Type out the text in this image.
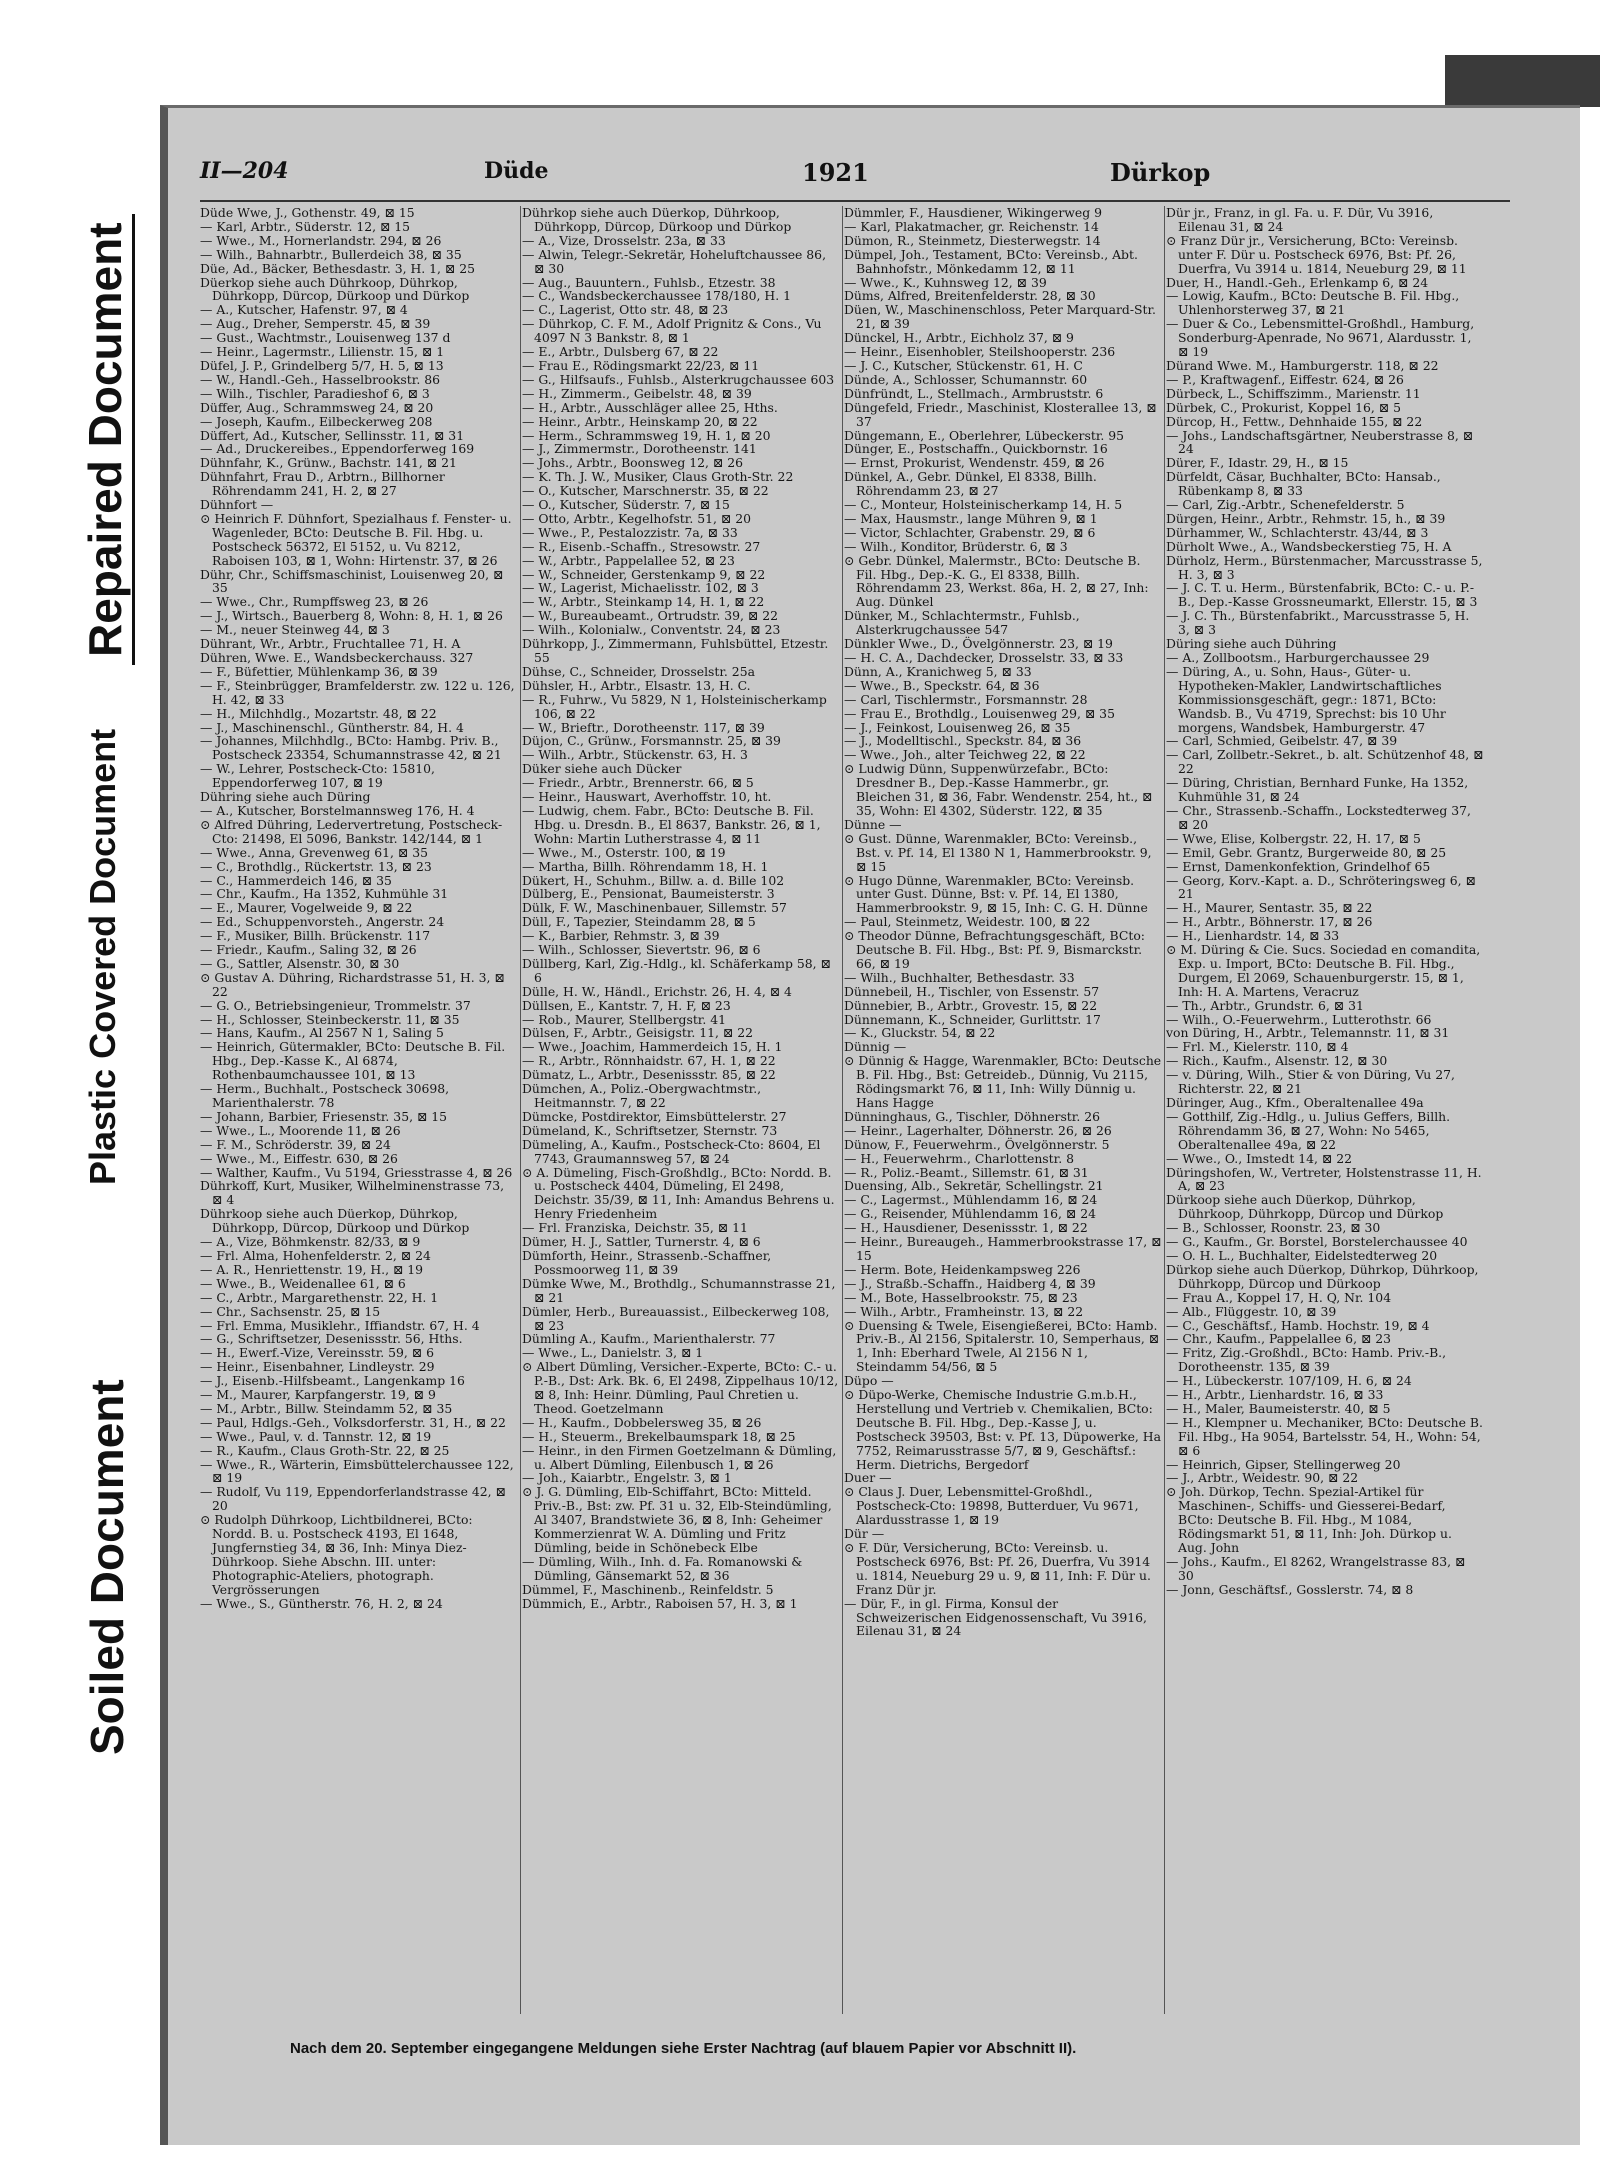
Repaired Document
Plastic Covered Document
Soiled Document
II—204	Düde	1921	Dürkop

Düde Wwe, J., Gothenstr. 49, ⊠ 15

— Karl, Arbtr., Süderstr. 12, ⊠ 15

— Wwe., M., Hornerlandstr. 294, ⊠ 26

— Wilh., Bahnarbtr., Bullerdeich 38, ⊠ 35

Düe, Ad., Bäcker, Bethesdastr. 3, H. 1, ⊠ 25

Düerkop siehe auch Dührkoop, Dührkop, Dührkopp, Dürcop, Dürkoop und Dürkop

— A., Kutscher, Hafenstr. 97, ⊠ 4

— Aug., Dreher, Semperstr. 45, ⊠ 39

— Gust., Wachtmstr., Louisenweg 137 d

— Heinr., Lagermstr., Lilienstr. 15, ⊠ 1

Düfel, J. P., Grindelberg 5/7, H. 5, ⊠ 13

— W., Handl.-Geh., Hasselbrookstr. 86

— Wilh., Tischler, Paradieshof 6, ⊠ 3

Düffer, Aug., Schrammsweg 24, ⊠ 20

— Joseph, Kaufm., Eilbeckerweg 208

Düffert, Ad., Kutscher, Sellinsstr. 11, ⊠ 31

— Ad., Druckereibes., Eppendorferweg 169

Dühnfahr, K., Grünw., Bachstr. 141, ⊠ 21

Dühnfahrt, Frau D., Arbtrn., Billhorner Röhrendamm 241, H. 2, ⊠ 27

Dühnfort —

⊙ Heinrich F. Dühnfort, Spezialhaus f. Fenster- u. Wagenleder, BCto: Deutsche B. Fil. Hbg. u. Postscheck 56372, El 5152, u. Vu 8212, Raboisen 103, ⊠ 1, Wohn: Hirtenstr. 37, ⊠ 26

Dühr, Chr., Schiffsmaschinist, Louisenweg 20, ⊠ 35

— Wwe., Chr., Rumpffsweg 23, ⊠ 26

— J., Wirtsch., Bauerberg 8, Wohn: 8, H. 1, ⊠ 26

— M., neuer Steinweg 44, ⊠ 3

Dührant, Wr., Arbtr., Fruchtallee 71, H. A

Dühren, Wwe. E., Wandsbeckerchauss. 327

— F., Büfettier, Mühlenkamp 36, ⊠ 39

— F., Steinbrügger, Bramfelderstr. zw. 122 u. 126, H. 42, ⊠ 33

— H., Milchhdlg., Mozartstr. 48, ⊠ 22

— J., Maschinenschl., Güntherstr. 84, H. 4

— Johannes, Milchhdlg., BCto: Hambg. Priv. B., Postscheck 23354, Schumannstrasse 42, ⊠ 21

— W., Lehrer, Postscheck-Cto: 15810, Eppendorferweg 107, ⊠ 19

Dühring siehe auch Düring

— A., Kutscher, Borstelmannsweg 176, H. 4

⊙ Alfred Dühring, Ledervertretung, Postscheck-Cto: 21498, El 5096, Bankstr. 142/144, ⊠ 1

— Wwe., Anna, Grevenweg 61, ⊠ 35

— C., Brothdlg., Rückertstr. 13, ⊠ 23

— C., Hammerdeich 146, ⊠ 35

— Chr., Kaufm., Ha 1352, Kuhmühle 31

— E., Maurer, Vogelweide 9, ⊠ 22

— Ed., Schuppenvorsteh., Angerstr. 24

— F., Musiker, Billh. Brückenstr. 117

— Friedr., Kaufm., Saling 32, ⊠ 26

— G., Sattler, Alsenstr. 30, ⊠ 30

⊙ Gustav A. Dühring, Richardstrasse 51, H. 3, ⊠ 22

— G. O., Betriebsingenieur, Trommelstr. 37

— H., Schlosser, Steinbeckerstr. 11, ⊠ 35

— Hans, Kaufm., Al 2567 N 1, Saling 5

— Heinrich, Gütermakler, BCto: Deutsche B. Fil. Hbg., Dep.-Kasse K., Al 6874, Rothenbaumchaussee 101, ⊠ 13

— Herm., Buchhalt., Postscheck 30698, Marienthalerstr. 78

— Johann, Barbier, Friesenstr. 35, ⊠ 15

— Wwe., L., Moorende 11, ⊠ 26

— F. M., Schröderstr. 39, ⊠ 24

— Wwe., M., Eiffestr. 630, ⊠ 26

— Walther, Kaufm., Vu 5194, Griesstrasse 4, ⊠ 26

Dührkoff, Kurt, Musiker, Wilhelminenstrasse 73, ⊠ 4

Dührkoop siehe auch Düerkop, Dührkop, Dührkopp, Dürcop, Dürkoop und Dürkop

— A., Vize, Böhmkenstr. 82/33, ⊠ 9

— Frl. Alma, Hohenfelderstr. 2, ⊠ 24

— A. R., Henriettenstr. 19, H., ⊠ 19

— Wwe., B., Weidenallee 61, ⊠ 6

— C., Arbtr., Margarethenstr. 22, H. 1

— Chr., Sachsenstr. 25, ⊠ 15

— Frl. Emma, Musiklehr., Iffiandstr. 67, H. 4

— G., Schriftsetzer, Desenissstr. 56, Hths.

— H., Ewerf.-Vize, Vereinsstr. 59, ⊠ 6

— Heinr., Eisenbahner, Lindleystr. 29

— J., Eisenb.-Hilfsbeamt., Langenkamp 16

— M., Maurer, Karpfangerstr. 19, ⊠ 9

— M., Arbtr., Billw. Steindamm 52, ⊠ 35

— Paul, Hdlgs.-Geh., Volksdorferstr. 31, H., ⊠ 22

— Wwe., Paul, v. d. Tannstr. 12, ⊠ 19

— R., Kaufm., Claus Groth-Str. 22, ⊠ 25

— Wwe., R., Wärterin, Eimsbüttelerchaussee 122, ⊠ 19

— Rudolf, Vu 119, Eppendorferlandstrasse 42, ⊠ 20

⊙ Rudolph Dührkoop, Lichtbildnerei, BCto: Nordd. B. u. Postscheck 4193, El 1648, Jungfernstieg 34, ⊠ 36, Inh: Minya Diez-Dührkoop. Siehe Abschn. III. unter: Photographic-Ateliers, photograph. Vergrösserungen

— Wwe., S., Güntherstr. 76, H. 2, ⊠ 24

Dührkop siehe auch Düerkop, Dührkoop, Dührkopp, Dürcop, Dürkoop und Dürkop

— A., Vize, Drosselstr. 23a, ⊠ 33

— Alwin, Telegr.-Sekretär, Hoheluftchaussee 86, ⊠ 30

— Aug., Bauuntern., Fuhlsb., Etzestr. 38

— C., Wandsbeckerchaussee 178/180, H. 1

— C., Lagerist, Otto str. 48, ⊠ 23

— Dührkop, C. F. M., Adolf Prignitz & Cons., Vu 4097 N 3 Bankstr. 8, ⊠ 1

— E., Arbtr., Dulsberg 67, ⊠ 22

— Frau E., Rödingsmarkt 22/23, ⊠ 11

— G., Hilfsaufs., Fuhlsb., Alsterkrugchaussee 603

— H., Zimmerm., Geibelstr. 48, ⊠ 39

— H., Arbtr., Ausschläger allee 25, Hths.

— Heinr., Arbtr., Heinskamp 20, ⊠ 22

— Herm., Schrammsweg 19, H. 1, ⊠ 20

— J., Zimmermstr., Dorotheenstr. 141

— Johs., Arbtr., Boonsweg 12, ⊠ 26

— K. Th. J. W., Musiker, Claus Groth-Str. 22

— O., Kutscher, Marschnerstr. 35, ⊠ 22

— O., Kutscher, Süderstr. 7, ⊠ 15

— Otto, Arbtr., Kegelhofstr. 51, ⊠ 20

— Wwe., P., Pestalozzistr. 7a, ⊠ 33

— R., Eisenb.-Schaffn., Stresowstr. 27

— W., Arbtr., Pappelallee 52, ⊠ 23

— W., Schneider, Gerstenkamp 9, ⊠ 22

— W., Lagerist, Michaelisstr. 102, ⊠ 3

— W., Arbtr., Steinkamp 14, H. 1, ⊠ 22

— W., Bureaubeamt., Ortrudstr. 39, ⊠ 22

— Wilh., Kolonialw., Conventstr. 24, ⊠ 23

Dührkopp, J., Zimmermann, Fuhlsbüttel, Etzestr. 55

Dühse, C., Schneider, Drosselstr. 25a

Dühsler, H., Arbtr., Elsastr. 13, H. C.

— R., Fuhrw., Vu 5829, N 1, Holsteinischerkamp 106, ⊠ 22

— W., Brieftr., Dorotheenstr. 117, ⊠ 39

Düjon, C., Grünw., Forsmannstr. 25, ⊠ 39

— Wilh., Arbtr., Stückenstr. 63, H. 3

Düker siehe auch Dücker

— Friedr., Arbtr., Brennerstr. 66, ⊠ 5

— Heinr., Hauswart, Averhoffstr. 10, ht.

— Ludwig, chem. Fabr., BCto: Deutsche B. Fil. Hbg. u. Dresdn. B., El 8637, Bankstr. 26, ⊠ 1, Wohn: Martin Lutherstrasse 4, ⊠ 11

— Wwe., M., Osterstr. 100, ⊠ 19

— Martha, Billh. Röhrendamm 18, H. 1

Dükert, H., Schuhm., Billw. a. d. Bille 102

Dülberg, E., Pensionat, Baumeisterstr. 3

Dülk, F. W., Maschinenbauer, Sillemstr. 57

Düll, F., Tapezier, Steindamm 28, ⊠ 5

— K., Barbier, Rehmstr. 3, ⊠ 39

— Wilh., Schlosser, Sievertstr. 96, ⊠ 6

Düllberg, Karl, Zig.-Hdlg., kl. Schäferkamp 58, ⊠ 6

Dülle, H. W., Händl., Erichstr. 26, H. 4, ⊠ 4

Düllsen, E., Kantstr. 7, H. F, ⊠ 23

— Rob., Maurer, Stellbergstr. 41

Dülsen, F., Arbtr., Geisigstr. 11, ⊠ 22

— Wwe., Joachim, Hammerdeich 15, H. 1

— R., Arbtr., Rönnhaidstr. 67, H. 1, ⊠ 22

Dümatz, L., Arbtr., Desenissstr. 85, ⊠ 22

Dümchen, A., Poliz.-Obergwachtmstr., Heitmannstr. 7, ⊠ 22

Dümcke, Postdirektor, Eimsbüttelerstr. 27

Dümeland, K., Schriftsetzer, Sternstr. 73

Dümeling, A., Kaufm., Postscheck-Cto: 8604, El 7743, Graumannsweg 57, ⊠ 24

⊙ A. Dümeling, Fisch-Großhdlg., BCto: Nordd. B. u. Postscheck 4404, Dümeling, El 2498, Deichstr. 35/39, ⊠ 11, Inh: Amandus Behrens u. Henry Friedenheim

— Frl. Franziska, Deichstr. 35, ⊠ 11

Dümer, H. J., Sattler, Turnerstr. 4, ⊠ 6

Dümforth, Heinr., Strassenb.-Schaffner, Possmoorweg 11, ⊠ 39

Dümke Wwe, M., Brothdlg., Schumannstrasse 21, ⊠ 21

Dümler, Herb., Bureauassist., Eilbeckerweg 108, ⊠ 23

Dümling A., Kaufm., Marienthalerstr. 77

— Wwe., L., Danielstr. 3, ⊠ 1

⊙ Albert Dümling, Versicher.-Experte, BCto: C.- u. P.-B., Dst: Ark. Bk. 6, El 2498, Zippelhaus 10/12, ⊠ 8, Inh: Heinr. Dümling, Paul Chretien u. Theod. Goetzelmann

— H., Kaufm., Dobbelersweg 35, ⊠ 26

— H., Steuerm., Brekelbaumspark 18, ⊠ 25

— Heinr., in den Firmen Goetzelmann & Dümling, u. Albert Dümling, Eilenbusch 1, ⊠ 26

— Joh., Kaiarbtr., Engelstr. 3, ⊠ 1

⊙ J. G. Dümling, Elb-Schiffahrt, BCto: Mitteld. Priv.-B., Bst: zw. Pf. 31 u. 32, Elb-Steindümling, Al 3407, Brandstwiete 36, ⊠ 8, Inh: Geheimer Kommerzienrat W. A. Dümling und Fritz Dümling, beide in Schönebeck Elbe

— Dümling, Wilh., Inh. d. Fa. Romanowski & Dümling, Gänsemarkt 52, ⊠ 36

Dümmel, F., Maschinenb., Reinfeldstr. 5

Dümmich, E., Arbtr., Raboisen 57, H. 3, ⊠ 1

Dümmler, F., Hausdiener, Wikingerweg 9

— Karl, Plakatmacher, gr. Reichenstr. 14

Dümon, R., Steinmetz, Diesterwegstr. 14

Dümpel, Joh., Testament, BCto: Vereinsb., Abt. Bahnhofstr., Mönkedamm 12, ⊠ 11

— Wwe., K., Kuhnsweg 12, ⊠ 39

Düms, Alfred, Breitenfelderstr. 28, ⊠ 30

Düen, W., Maschinenschloss, Peter Marquard-Str. 21, ⊠ 39

Dünckel, H., Arbtr., Eichholz 37, ⊠ 9

— Heinr., Eisenhobler, Steilshooperstr. 236

— J. C., Kutscher, Stückenstr. 61, H. C

Dünde, A., Schlosser, Schumannstr. 60

Dünfründt, L., Stellmach., Armbruststr. 6

Düngefeld, Friedr., Maschinist, Klosterallee 13, ⊠ 37

Düngemann, E., Oberlehrer, Lübeckerstr. 95

Dünger, E., Postschaffn., Quickbornstr. 16

— Ernst, Prokurist, Wendenstr. 459, ⊠ 26

Dünkel, A., Gebr. Dünkel, El 8338, Billh. Röhrendamm 23, ⊠ 27

— C., Monteur, Holsteinischerkamp 14, H. 5

— Max, Hausmstr., lange Mühren 9, ⊠ 1

— Victor, Schlachter, Grabenstr. 29, ⊠ 6

— Wilh., Konditor, Brüderstr. 6, ⊠ 3

⊙ Gebr. Dünkel, Malermstr., BCto: Deutsche B. Fil. Hbg., Dep.-K. G., El 8338, Billh. Röhrendamm 23, Werkst. 86a, H. 2, ⊠ 27, Inh: Aug. Dünkel

Dünker, M., Schlachtermstr., Fuhlsb., Alsterkrugchaussee 547

Dünkler Wwe., D., Övelgönnerstr. 23, ⊠ 19

— H. C. A., Dachdecker, Drosselstr. 33, ⊠ 33

Dünn, A., Kranichweg 5, ⊠ 33

— Wwe., B., Speckstr. 64, ⊠ 36

— Carl, Tischlermstr., Forsmannstr. 28

— Frau E., Brothdlg., Louisenweg 29, ⊠ 35

— J., Feinkost, Louisenweg 26, ⊠ 35

— J., Modelltischl., Speckstr. 84, ⊠ 36

— Wwe., Joh., alter Teichweg 22, ⊠ 22

⊙ Ludwig Dünn, Suppenwürzefabr., BCto: Dresdner B., Dep.-Kasse Hammerbr., gr. Bleichen 31, ⊠ 36, Fabr. Wendenstr. 254, ht., ⊠ 35, Wohn: El 4302, Süderstr. 122, ⊠ 35

Dünne —

⊙ Gust. Dünne, Warenmakler, BCto: Vereinsb., Bst. v. Pf. 14, El 1380 N 1, Hammerbrookstr. 9, ⊠ 15

⊙ Hugo Dünne, Warenmakler, BCto: Vereinsb. unter Gust. Dünne, Bst: v. Pf. 14, El 1380, Hammerbrookstr. 9, ⊠ 15, Inh: C. G. H. Dünne

— Paul, Steinmetz, Weidestr. 100, ⊠ 22

⊙ Theodor Dünne, Befrachtungsgeschäft, BCto: Deutsche B. Fil. Hbg., Bst: Pf. 9, Bismarckstr. 66, ⊠ 19

— Wilh., Buchhalter, Bethesdastr. 33

Dünnebeil, H., Tischler, von Essenstr. 57

Dünnebier, B., Arbtr., Grovestr. 15, ⊠ 22

Dünnemann, K., Schneider, Gurlittstr. 17

— K., Gluckstr. 54, ⊠ 22

Dünnig —

⊙ Dünnig & Hagge, Warenmakler, BCto: Deutsche B. Fil. Hbg., Bst: Getreideb., Dünnig, Vu 2115, Rödingsmarkt 76, ⊠ 11, Inh: Willy Dünnig u. Hans Hagge

Dünninghaus, G., Tischler, Döhnerstr. 26

— Heinr., Lagerhalter, Döhnerstr. 26, ⊠ 26

Dünow, F., Feuerwehrm., Övelgönnerstr. 5

— H., Feuerwehrm., Charlottenstr. 8

— R., Poliz.-Beamt., Sillemstr. 61, ⊠ 31

Duensing, Alb., Sekretär, Schellingstr. 21

— C., Lagermst., Mühlendamm 16, ⊠ 24

— G., Reisender, Mühlendamm 16, ⊠ 24

— H., Hausdiener, Desenissstr. 1, ⊠ 22

— Heinr., Bureaugeh., Hammerbrookstrasse 17, ⊠ 15

— Herm. Bote, Heidenkampsweg 226

— J., Straßb.-Schaffn., Haidberg 4, ⊠ 39

— M., Bote, Hasselbrookstr. 75, ⊠ 23

— Wilh., Arbtr., Framheinstr. 13, ⊠ 22

⊙ Duensing & Twele, Eisengießerei, BCto: Hamb. Priv.-B., Al 2156, Spitalerstr. 10, Semperhaus, ⊠ 1, Inh: Eberhard Twele, Al 2156 N 1, Steindamm 54/56, ⊠ 5

Düpo —

⊙ Düpo-Werke, Chemische Industrie G.m.b.H., Herstellung und Vertrieb v. Chemikalien, BCto: Deutsche B. Fil. Hbg., Dep.-Kasse J, u. Postscheck 39503, Bst: v. Pf. 13, Düpowerke, Ha 7752, Reimarusstrasse 5/7, ⊠ 9, Geschäftsf.: Herm. Dietrichs, Bergedorf

Duer —

⊙ Claus J. Duer, Lebensmittel-Großhdl., Postscheck-Cto: 19898, Butterduer, Vu 9671, Alardusstrasse 1, ⊠ 19

Dür —

⊙ F. Dür, Versicherung, BCto: Vereinsb. u. Postscheck 6976, Bst: Pf. 26, Duerfra, Vu 3914 u. 1814, Neueburg 29 u. 9, ⊠ 11, Inh: F. Dür u. Franz Dür jr.

— Dür, F., in gl. Firma, Konsul der Schweizerischen Eidgenossenschaft, Vu 3916, Eilenau 31, ⊠ 24

Dür jr., Franz, in gl. Fa. u. F. Dür, Vu 3916, Eilenau 31, ⊠ 24

⊙ Franz Dür jr., Versicherung, BCto: Vereinsb. unter F. Dür u. Postscheck 6976, Bst: Pf. 26, Duerfra, Vu 3914 u. 1814, Neueburg 29, ⊠ 11

Duer, H., Handl.-Geh., Erlenkamp 6, ⊠ 24

— Lowig, Kaufm., BCto: Deutsche B. Fil. Hbg., Uhlenhorsterweg 37, ⊠ 21

— Duer & Co., Lebensmittel-Großhdl., Hamburg, Sonderburg-Apenrade, No 9671, Alardusstr. 1, ⊠ 19

Dürand Wwe. M., Hamburgerstr. 118, ⊠ 22

— P., Kraftwagenf., Eiffestr. 624, ⊠ 26

Dürbeck, L., Schiffszimm., Marienstr. 11

Dürbek, C., Prokurist, Koppel 16, ⊠ 5

Dürcop, H., Fettw., Dehnhaide 155, ⊠ 22

— Johs., Landschaftsgärtner, Neuberstrasse 8, ⊠ 24

Dürer, F., Idastr. 29, H., ⊠ 15

Dürfeldt, Cäsar, Buchhalter, BCto: Hansab., Rübenkamp 8, ⊠ 33

— Carl, Zig.-Arbtr., Schenefelderstr. 5

Dürgen, Heinr., Arbtr., Rehmstr. 15, h., ⊠ 39

Dürhammer, W., Schlachterstr. 43/44, ⊠ 3

Dürholt Wwe., A., Wandsbeckerstieg 75, H. A

Dürholz, Herm., Bürstenmacher, Marcusstrasse 5, H. 3, ⊠ 3

— J. C. T. u. Herm., Bürstenfabrik, BCto: C.- u. P.-B., Dep.-Kasse Grossneumarkt, Ellerstr. 15, ⊠ 3

— J. C. Th., Bürstenfabrikt., Marcusstrasse 5, H. 3, ⊠ 3

Düring siehe auch Dühring

— A., Zollbootsm., Harburgerchaussee 29

— Düring, A., u. Sohn, Haus-, Güter- u. Hypotheken-Makler, Landwirtschaftliches Kommissionsgeschäft, gegr.: 1871, BCto: Wandsb. B., Vu 4719, Sprechst: bis 10 Uhr morgens, Wandsbek, Hamburgerstr. 47

— Carl, Schmied, Geibelstr. 47, ⊠ 39

— Carl, Zollbetr.-Sekret., b. alt. Schützenhof 48, ⊠ 22

— Düring, Christian, Bernhard Funke, Ha 1352, Kuhmühle 31, ⊠ 24

— Chr., Strassenb.-Schaffn., Lockstedterweg 37, ⊠ 20

— Wwe, Elise, Kolbergstr. 22, H. 17, ⊠ 5

— Emil, Gebr. Grantz, Burgerweide 80, ⊠ 25

— Ernst, Damenkonfektion, Grindelhof 65

— Georg, Korv.-Kapt. a. D., Schröteringsweg 6, ⊠ 21

— H., Maurer, Sentastr. 35, ⊠ 22

— H., Arbtr., Böhnerstr. 17, ⊠ 26

— H., Lienhardstr. 14, ⊠ 33

⊙ M. Düring & Cie. Sucs. Sociedad en comandita, Exp. u. Import, BCto: Deutsche B. Fil. Hbg., Durgem, El 2069, Schauenburgerstr. 15, ⊠ 1, Inh: H. A. Martens, Veracruz

— Th., Arbtr., Grundstr. 6, ⊠ 31

— Wilh., O.-Feuerwehrm., Lutterothstr. 66

von Düring, H., Arbtr., Telemannstr. 11, ⊠ 31

— Frl. M., Kielerstr. 110, ⊠ 4

— Rich., Kaufm., Alsenstr. 12, ⊠ 30

— v. Düring, Wilh., Stier & von Düring, Vu 27, Richterstr. 22, ⊠ 21

Düringer, Aug., Kfm., Oberaltenallee 49a

— Gotthilf, Zig.-Hdlg., u. Julius Geffers, Billh. Röhrendamm 36, ⊠ 27, Wohn: No 5465, Oberaltenallee 49a, ⊠ 22

— Wwe., O., Imstedt 14, ⊠ 22

Düringshofen, W., Vertreter, Holstenstrasse 11, H. A, ⊠ 23

Dürkoop siehe auch Düerkop, Dührkop, Dührkoop, Dührkopp, Dürcop und Dürkop

— B., Schlosser, Roonstr. 23, ⊠ 30

— G., Kaufm., Gr. Borstel, Borstelerchaussee 40

— O. H. L., Buchhalter, Eidelstedterweg 20

Dürkop siehe auch Düerkop, Dührkop, Dührkoop, Dührkopp, Dürcop und Dürkoop

— Frau A., Koppel 17, H. Q, Nr. 104

— Alb., Flüggestr. 10, ⊠ 39

— C., Geschäftsf., Hamb. Hochstr. 19, ⊠ 4

— Chr., Kaufm., Pappelallee 6, ⊠ 23

— Fritz, Zig.-Großhdl., BCto: Hamb. Priv.-B., Dorotheenstr. 135, ⊠ 39

— H., Lübeckerstr. 107/109, H. 6, ⊠ 24

— H., Arbtr., Lienhardstr. 16, ⊠ 33

— H., Maler, Baumeisterstr. 40, ⊠ 5

— H., Klempner u. Mechaniker, BCto: Deutsche B. Fil. Hbg., Ha 9054, Bartelsstr. 54, H., Wohn: 54, ⊠ 6

— Heinrich, Gipser, Stellingerweg 20

— J., Arbtr., Weidestr. 90, ⊠ 22

⊙ Joh. Dürkop, Techn. Spezial-Artikel für Maschinen-, Schiffs- und Giesserei-Bedarf, BCto: Deutsche B. Fil. Hbg., M 1084, Rödingsmarkt 51, ⊠ 11, Inh: Joh. Dürkop u. Aug. John

— Johs., Kaufm., El 8262, Wrangelstrasse 83, ⊠ 30

— Jonn, Geschäftsf., Gosslerstr. 74, ⊠ 8

Nach dem 20. September eingegangene Meldungen siehe Erster Nachtrag (auf blauem Papier vor Abschnitt II).
